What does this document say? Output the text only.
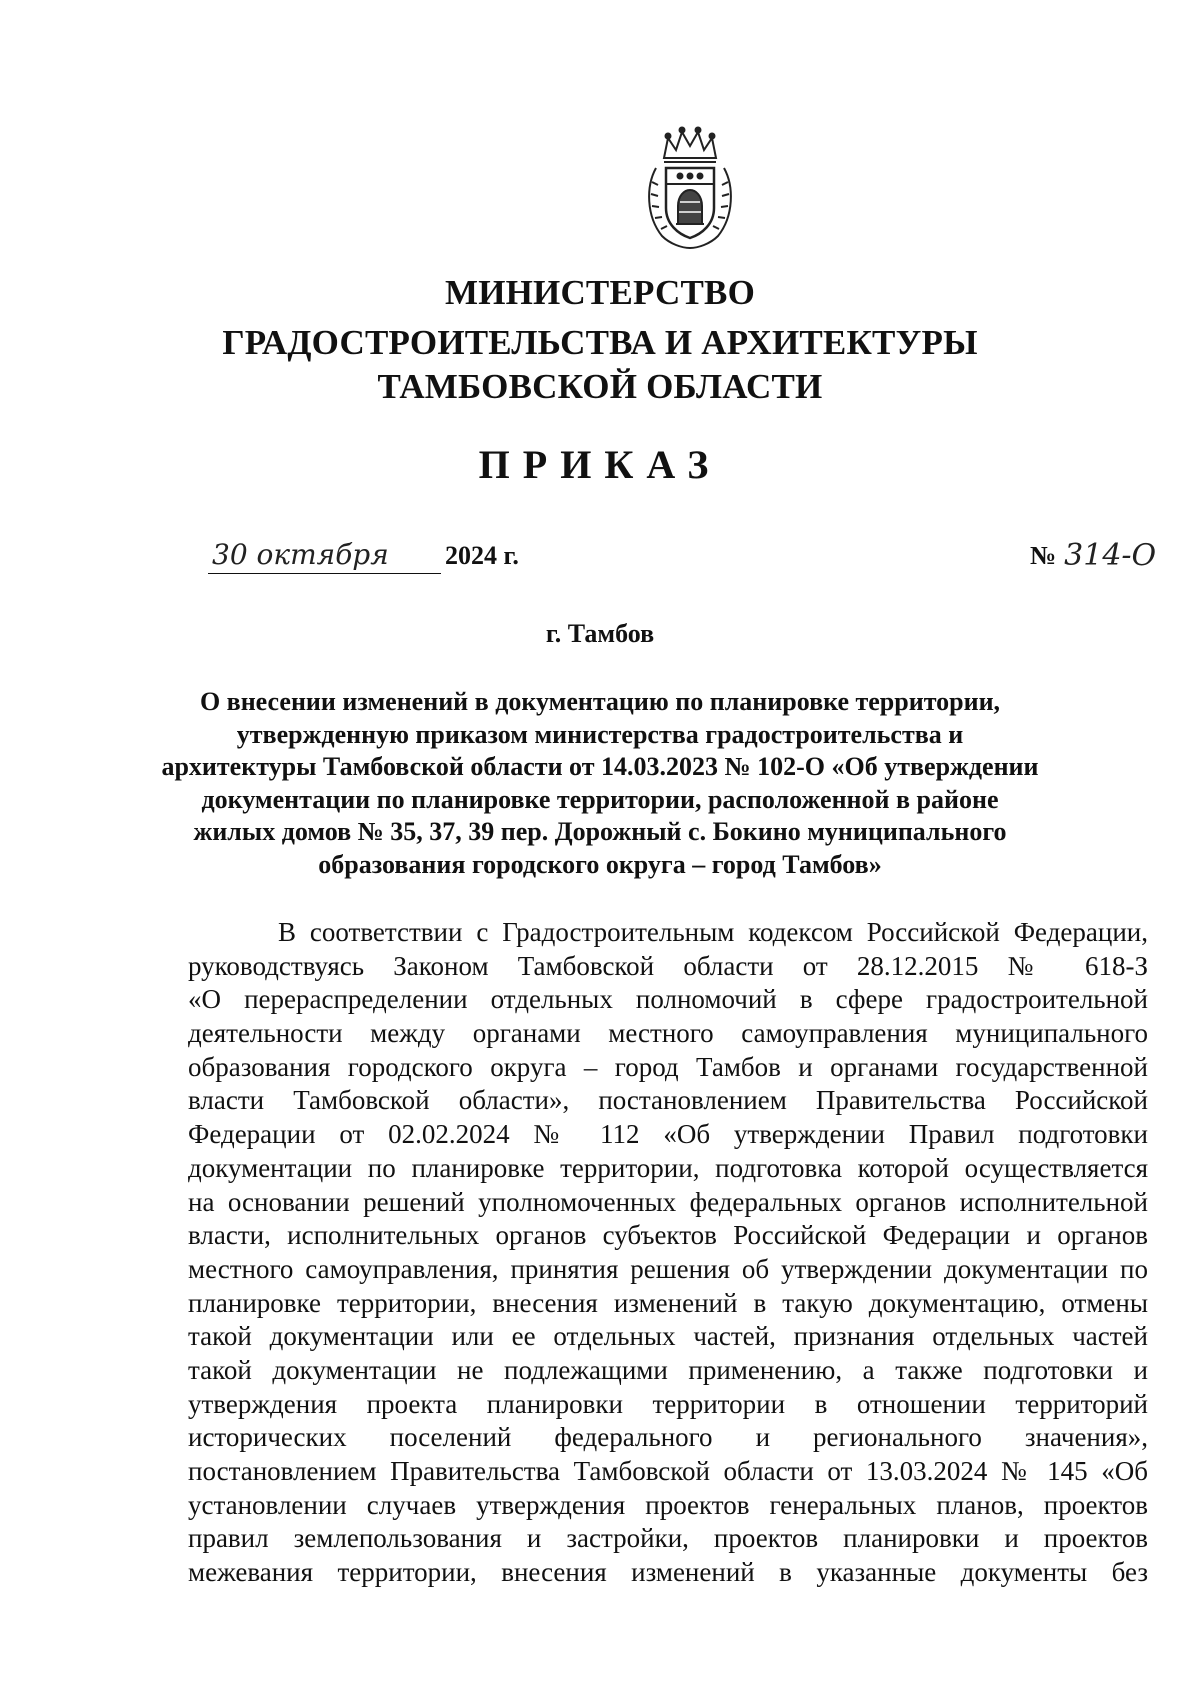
МИНИСТЕРСТВО
ГРАДОСТРОИТЕЛЬСТВА И АРХИТЕКТУРЫ
ТАМБОВСКОЙ ОБЛАСТИ
ПРИКАЗ
30 октября	2024 г.	№ 314-О
г. Тамбов
О внесении изменений в документацию по планировке территории,
утвержденную приказом министерства градостроительства и
архитектуры Тамбовской области от 14.03.2023 № 102-О «Об утверждении
документации по планировке территории, расположенной в районе
жилых домов № 35, 37, 39 пер. Дорожный с. Бокино муниципального
образования городского округа – город Тамбов»
В соответствии с Градостроительным кодексом Российской Федерации,
руководствуясь Законом Тамбовской области от 28.12.2015 № 618-З
«О перераспределении отдельных полномочий в сфере градостроительной
деятельности между органами местного самоуправления муниципального
образования городского округа – город Тамбов и органами государственной
власти Тамбовской области», постановлением Правительства Российской
Федерации от 02.02.2024 № 112 «Об утверждении Правил подготовки
документации по планировке территории, подготовка которой осуществляется
на основании решений уполномоченных федеральных органов исполнительной
власти, исполнительных органов субъектов Российской Федерации и органов
местного самоуправления, принятия решения об утверждении документации по
планировке территории, внесения изменений в такую документацию, отмены
такой документации или ее отдельных частей, признания отдельных частей
такой документации не подлежащими применению, а также подготовки и
утверждения проекта планировки территории в отношении территорий
исторических поселений федерального и регионального значения»,
постановлением Правительства Тамбовской области от 13.03.2024 № 145 «Об
установлении случаев утверждения проектов генеральных планов, проектов
правил землепользования и застройки, проектов планировки и проектов
межевания территории, внесения изменений в указанные документы без
